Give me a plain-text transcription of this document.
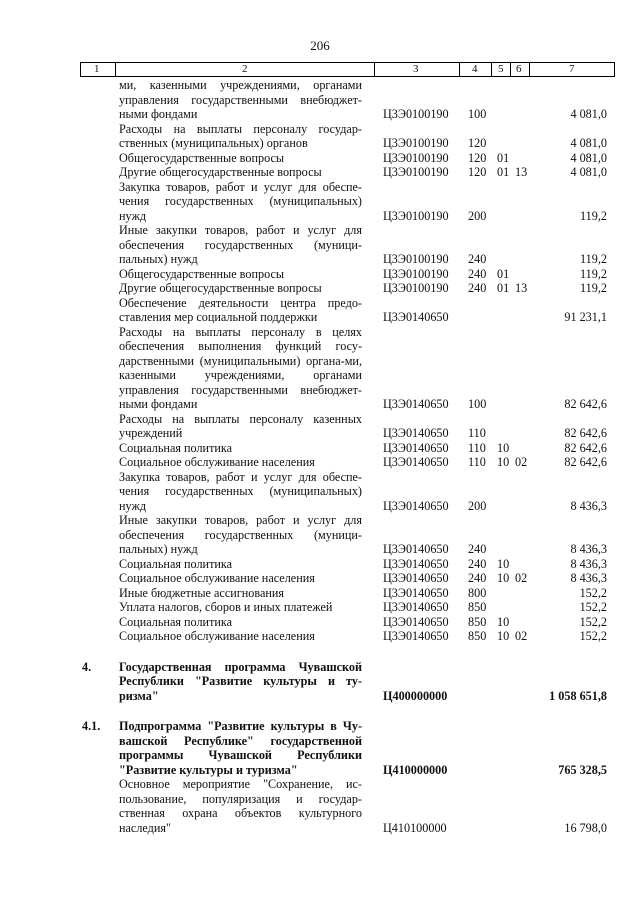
206
1	2	3	4 5 6	7
ми, казенными учреждениями, органами управления государственными внебюджет-ными фондами	Ц3Э0100190 100	4 081,0
Расходы на выплаты персоналу государ-ственных (муниципальных) органов	Ц3Э0100190 120	4 081,0
Общегосударственные вопросы	Ц3Э0100190 120 01	4 081,0
Другие общегосударственные вопросы	Ц3Э0100190 120 01 13	4 081,0
Закупка товаров, работ и услуг для обеспе-чения государственных (муниципальных) нужд	Ц3Э0100190 200	119,2
Иные закупки товаров, работ и услуг для обеспечения государственных (муници-пальных) нужд	Ц3Э0100190 240	119,2
Общегосударственные вопросы	Ц3Э0100190 240 01	119,2
Другие общегосударственные вопросы	Ц3Э0100190 240 01 13	119,2
Обеспечение деятельности центра предо-ставления мер социальной поддержки	Ц3Э0140650	91 231,1
Расходы на выплаты персоналу в целях обеспечения выполнения функций госу-дарственными (муниципальными) органа-ми, казенными учреждениями, органами управления государственными внебюджет-ными фондами	Ц3Э0140650 100	82 642,6
Расходы на выплаты персоналу казенных учреждений	Ц3Э0140650 110	82 642,6
Социальная политика	Ц3Э0140650 110 10	82 642,6
Социальное обслуживание населения	Ц3Э0140650 110 10 02	82 642,6
Закупка товаров, работ и услуг для обеспе-чения государственных (муниципальных) нужд	Ц3Э0140650 200	8 436,3
Иные закупки товаров, работ и услуг для обеспечения государственных (муници-пальных) нужд	Ц3Э0140650 240	8 436,3
Социальная политика	Ц3Э0140650 240 10	8 436,3
Социальное обслуживание населения	Ц3Э0140650 240 10 02	8 436,3
Иные бюджетные ассигнования	Ц3Э0140650 800	152,2
Уплата налогов, сборов и иных платежей	Ц3Э0140650 850	152,2
Социальная политика	Ц3Э0140650 850 10	152,2
Социальное обслуживание населения	Ц3Э0140650 850 10 02	152,2
4. Государственная программа Чувашской Республики "Развитие культуры и ту-ризма"	Ц400000000	1 058 651,8
4.1. Подпрограмма "Развитие культуры в Чу-вашской Республике" государственной программы Чувашской Республики "Развитие культуры и туризма"	Ц410000000	765 328,5
Основное мероприятие "Сохранение, ис-пользование, популяризация и государ-ственная охрана объектов культурного наследия"	Ц410100000	16 798,0
